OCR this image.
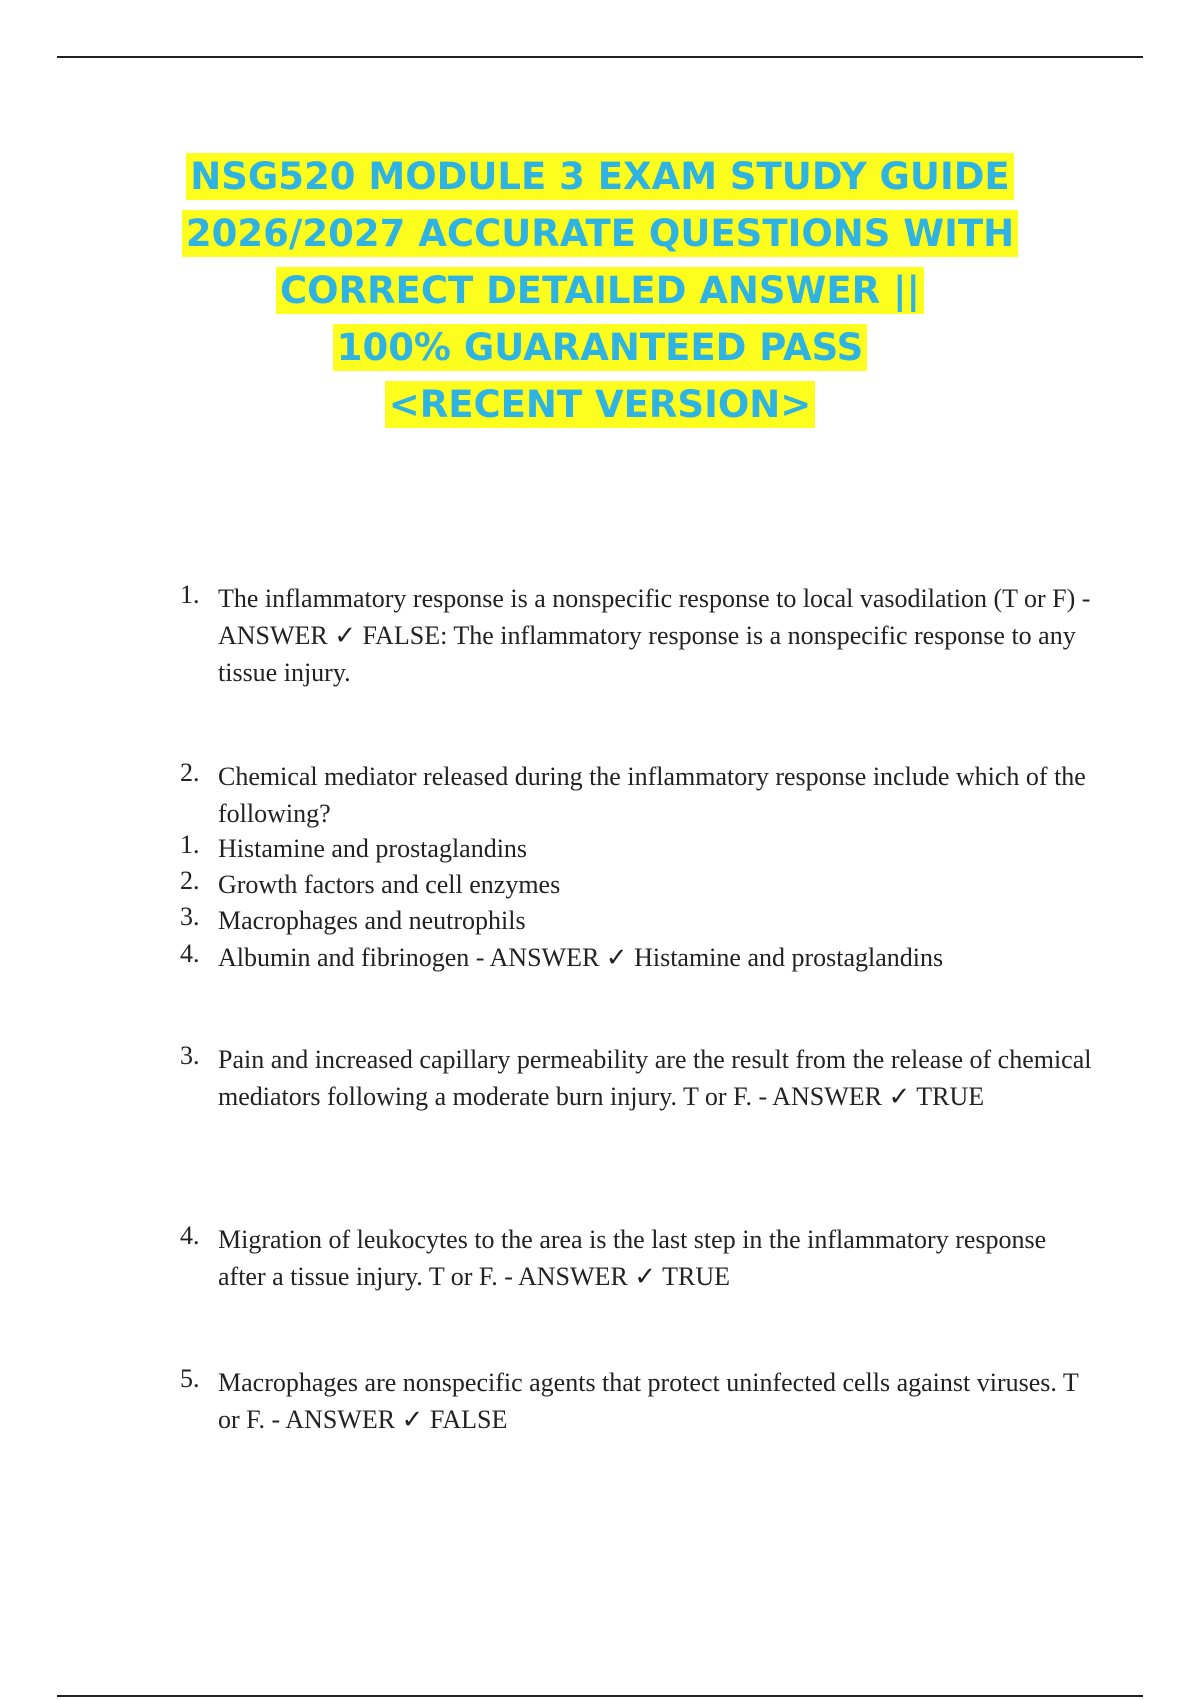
NSG520 MODULE 3 EXAM STUDY GUIDE
2026/2027 ACCURATE QUESTIONS WITH
CORRECT DETAILED ANSWER ||
100% GUARANTEED PASS
<RECENT VERSION>
1. The inflammatory response is a nonspecific response to local vasodilation (T or F) - ANSWER ✓ FALSE: The inflammatory response is a nonspecific response to any tissue injury.
2. Chemical mediator released during the inflammatory response include which of the following?
1. Histamine and prostaglandins
2. Growth factors and cell enzymes
3. Macrophages and neutrophils
4. Albumin and fibrinogen - ANSWER ✓ Histamine and prostaglandins
3. Pain and increased capillary permeability are the result from the release of chemical mediators following a moderate burn injury. T or F. - ANSWER ✓ TRUE
4. Migration of leukocytes to the area is the last step in the inflammatory response after a tissue injury. T or F. - ANSWER ✓ TRUE
5. Macrophages are nonspecific agents that protect uninfected cells against viruses. T or F. - ANSWER ✓ FALSE
